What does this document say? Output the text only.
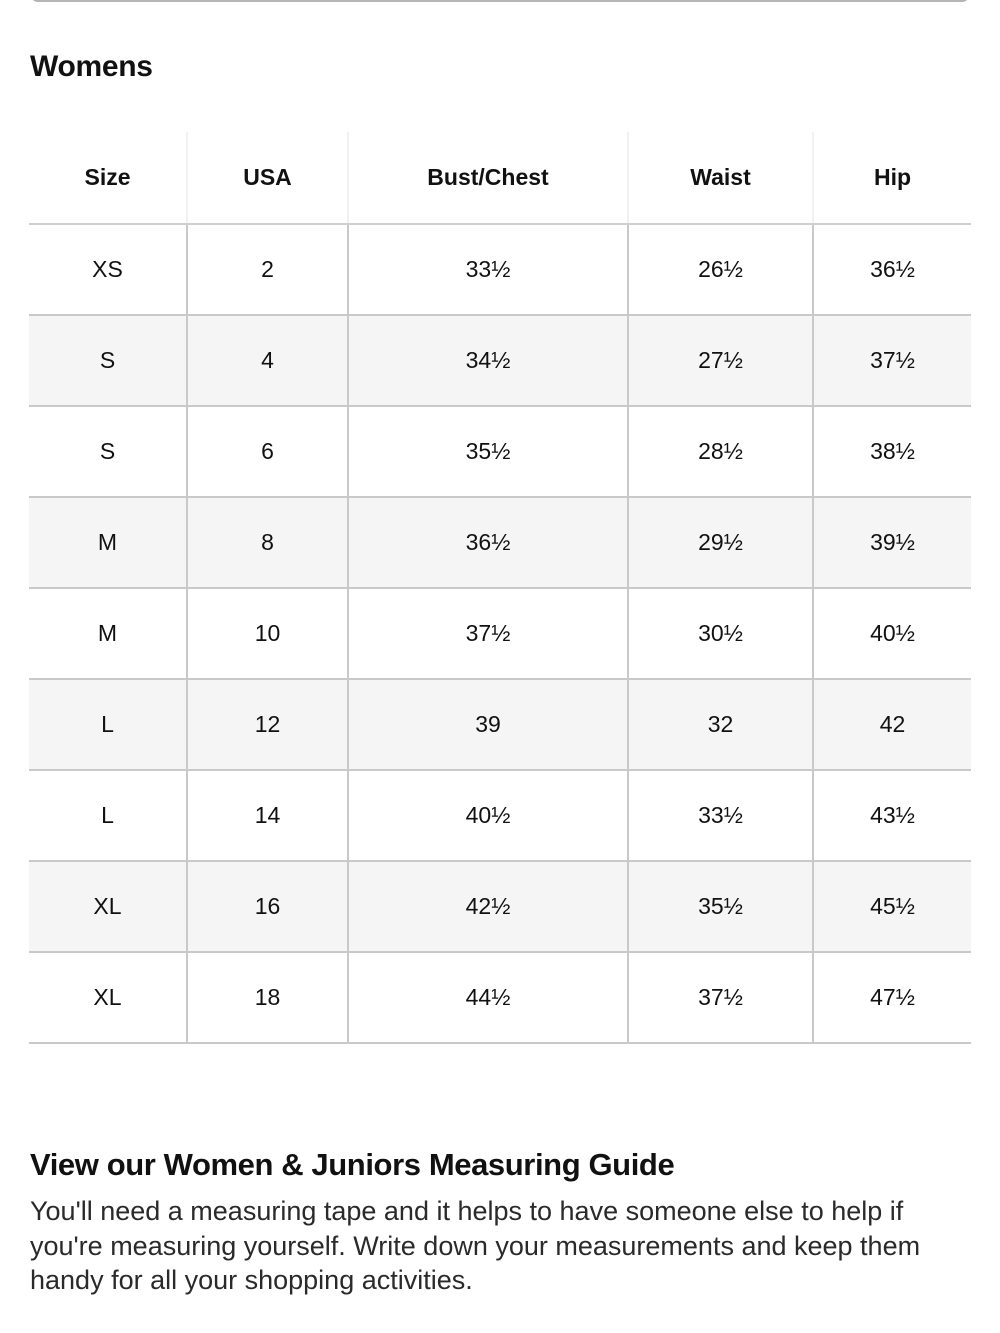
Womens
Size	USA	Bust/Chest	Waist	Hip
XS	2	33½	26½	36½
S	4	34½	27½	37½
S	6	35½	28½	38½
M	8	36½	29½	39½
M	10	37½	30½	40½
L	12	39	32	42
L	14	40½	33½	43½
XL	16	42½	35½	45½
XL	18	44½	37½	47½
View our Women & Juniors Measuring Guide

You'll need a measuring tape and it helps to have someone else to help if you're measuring yourself. Write down your measurements and keep them handy for all your shopping activities.
